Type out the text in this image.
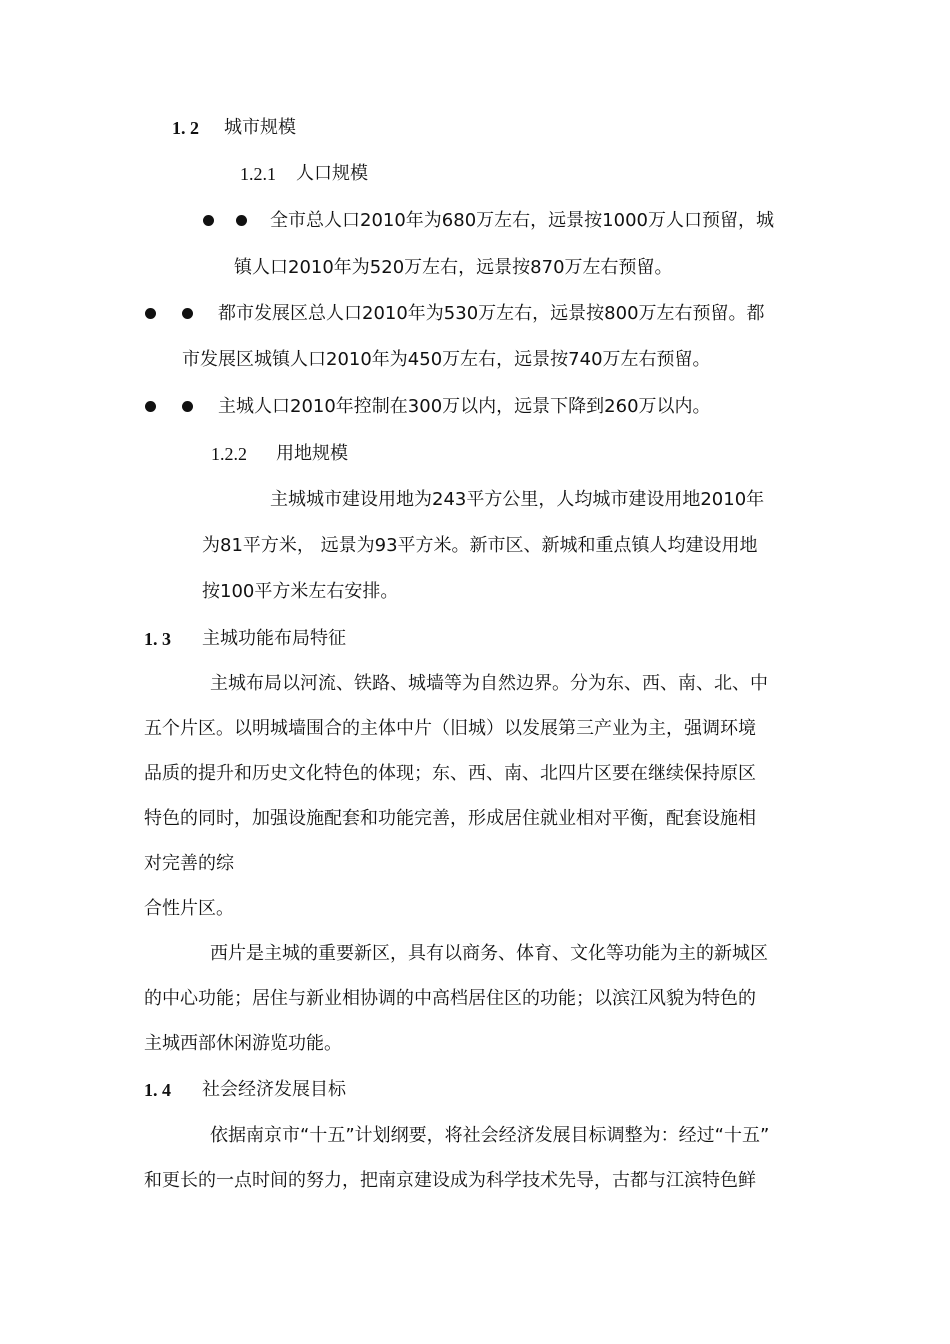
1. 2 城市规模
1.2.1 人口规模
全市总人口2010年为680万左右，远景按1000万人口预留，城
镇人口2010年为520万左右，远景按870万左右预留。
都市发展区总人口2010年为530万左右，远景按800万左右预留。都
市发展区城镇人口2010年为450万左右，远景按740万左右预留。
主城人口2010年控制在300万以内，远景下降到260万以内。
1.2.2 用地规模
主城城市建设用地为243平方公里，人均城市建设用地2010年
为81平方米， 远景为93平方米。新市区、新城和重点镇人均建设用地
按100平方米左右安排。
1. 3 主城功能布局特征
主城布局以河流、铁路、城墙等为自然边界。分为东、西、南、北、中
五个片区。以明城墙围合的主体中片（旧城）以发展第三产业为主，强调环境
品质的提升和历史文化特色的体现；东、西、南、北四片区要在继续保持原区
特色的同时，加强设施配套和功能完善，形成居住就业相对平衡，配套设施相
对完善的综
合性片区。
西片是主城的重要新区，具有以商务、体育、文化等功能为主的新城区
的中心功能；居住与新业相协调的中高档居住区的功能；以滨江风貌为特色的
主城西部休闲游览功能。
1. 4 社会经济发展目标
依据南京市“十五”计划纲要，将社会经济发展目标调整为：经过“十五”
和更长的一点时间的努力，把南京建设成为科学技术先导，古都与江滨特色鲜
